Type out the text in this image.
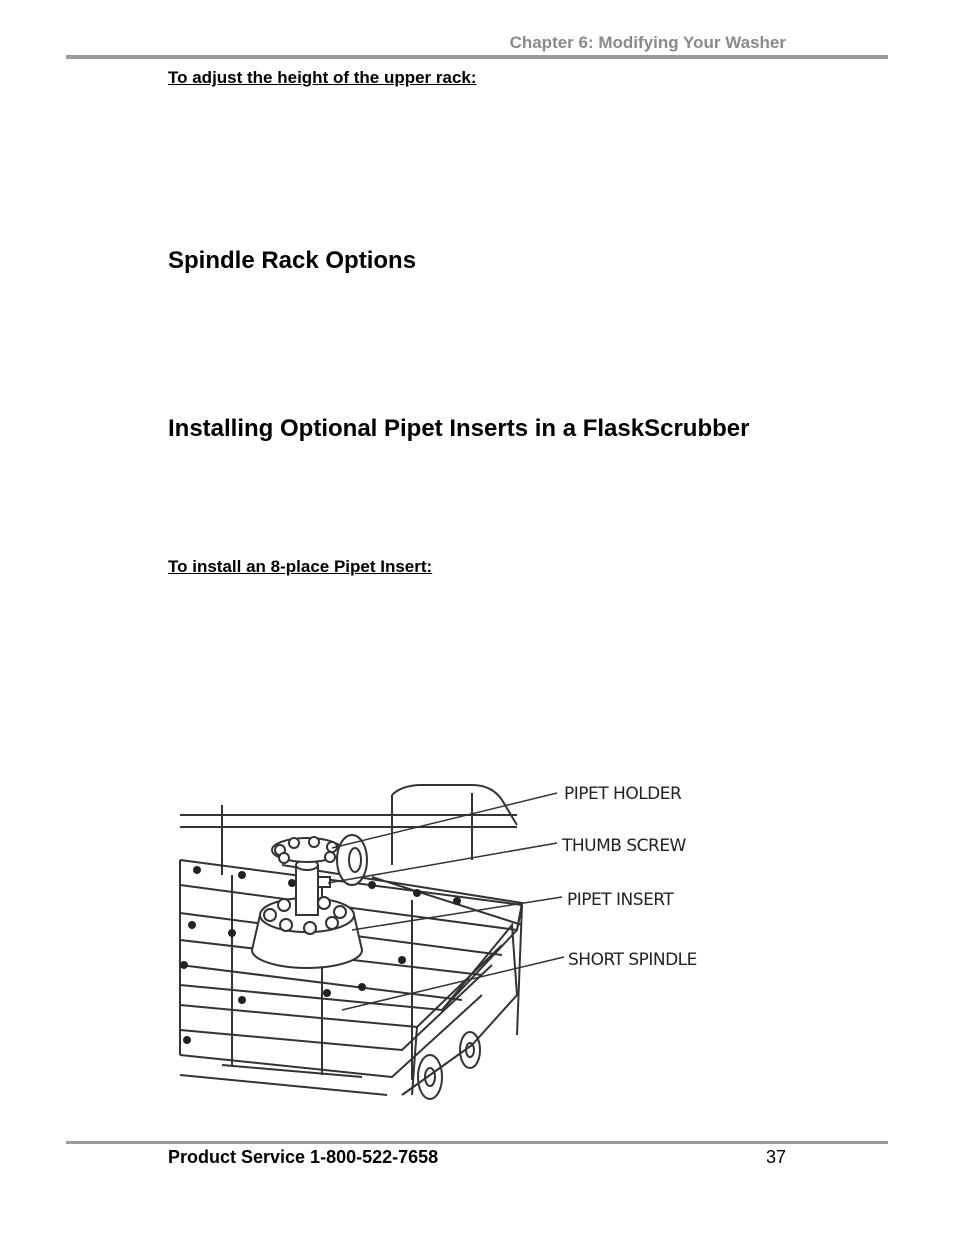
Chapter 6: Modifying Your Washer
To adjust the height of the upper rack:
Spindle Rack Options
Installing Optional Pipet Inserts in a FlaskScrubber
To install an 8-place Pipet Insert:
PIPET HOLDER
THUMB SCREW
PIPET INSERT
SHORT SPINDLE
Product Service 1-800-522-7658	37
